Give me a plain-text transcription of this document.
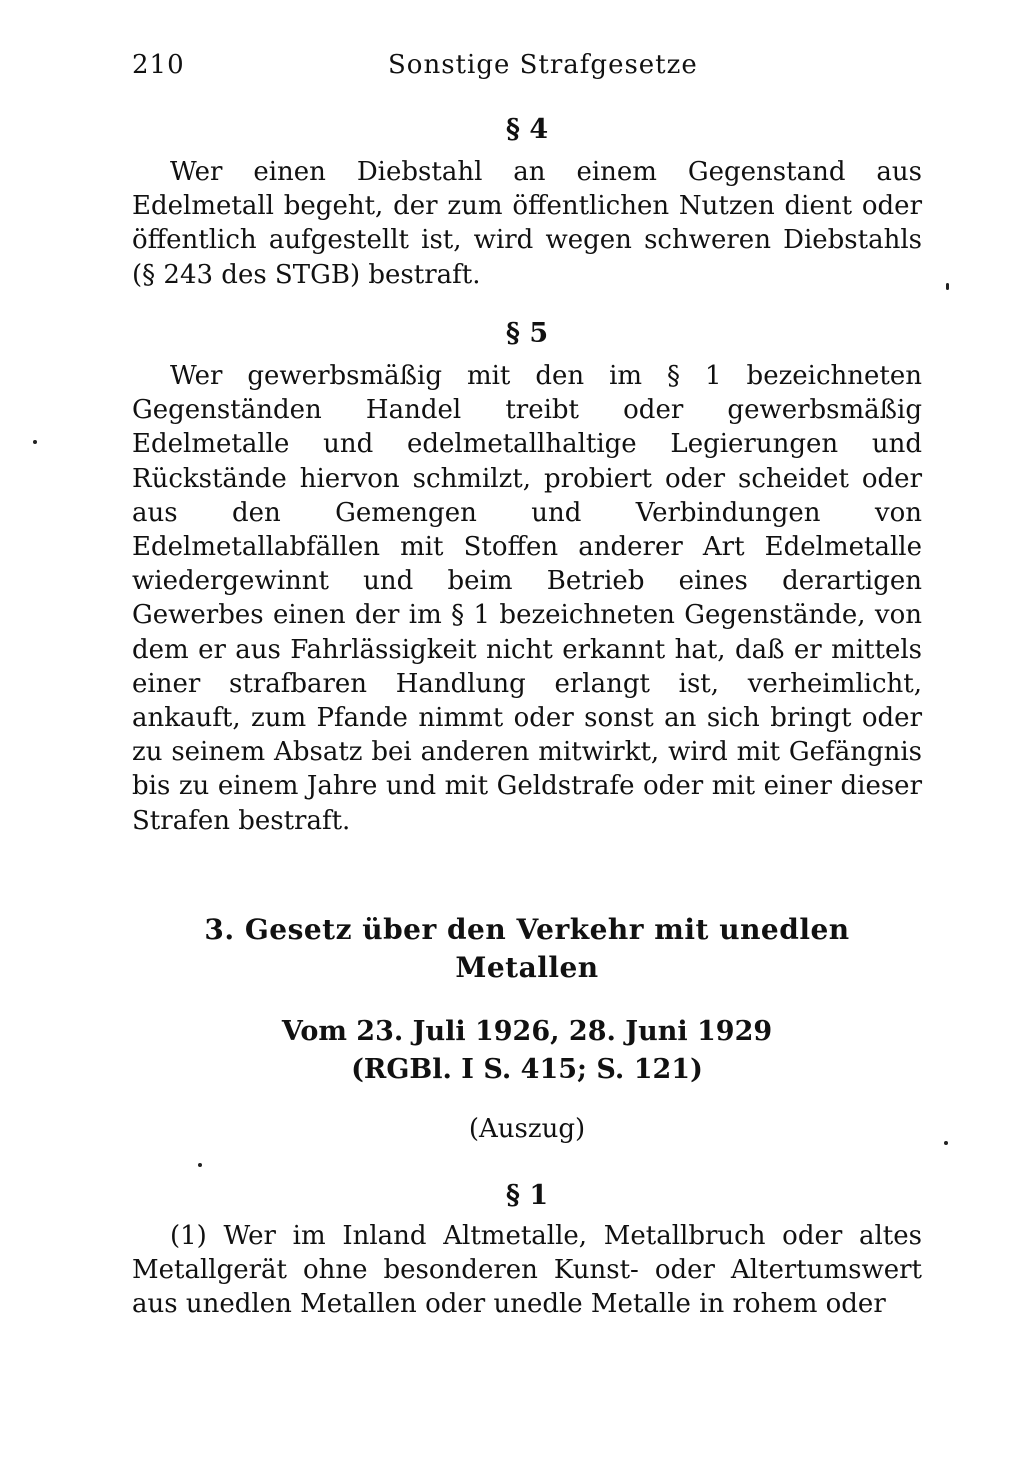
210	Sonstige Strafgesetze
§ 4

Wer einen Diebstahl an einem Gegenstand aus Edelmetall begeht, der zum öffentlichen Nutzen dient oder öffentlich aufgestellt ist, wird wegen schweren Diebstahls (§ 243 des STGB) bestraft.

§ 5

Wer gewerbsmäßig mit den im § 1 bezeichneten Gegenständen Handel treibt oder gewerbsmäßig Edelmetalle und edelmetallhaltige Legierungen und Rückstände hiervon schmilzt, probiert oder scheidet oder aus den Gemengen und Verbindungen von Edelmetallabfällen mit Stoffen anderer Art Edelmetalle wiedergewinnt und beim Betrieb eines derartigen Gewerbes einen der im § 1 bezeichneten Gegenstände, von dem er aus Fahrlässigkeit nicht erkannt hat, daß er mittels einer strafbaren Handlung erlangt ist, verheimlicht, ankauft, zum Pfande nimmt oder sonst an sich bringt oder zu seinem Absatz bei anderen mitwirkt, wird mit Gefängnis bis zu einem Jahre und mit Geldstrafe oder mit einer dieser Strafen bestraft.

3. Gesetz über den Verkehr mit unedlen
Metallen
Vom 23. Juli 1926, 28. Juni 1929
(RGBl. I S. 415; S. 121)
(Auszug)
§ 1

(1) Wer im Inland Altmetalle, Metallbruch oder altes Metallgerät ohne besonderen Kunst- oder Altertumswert aus unedlen Metallen oder unedle Metalle in rohem oder
